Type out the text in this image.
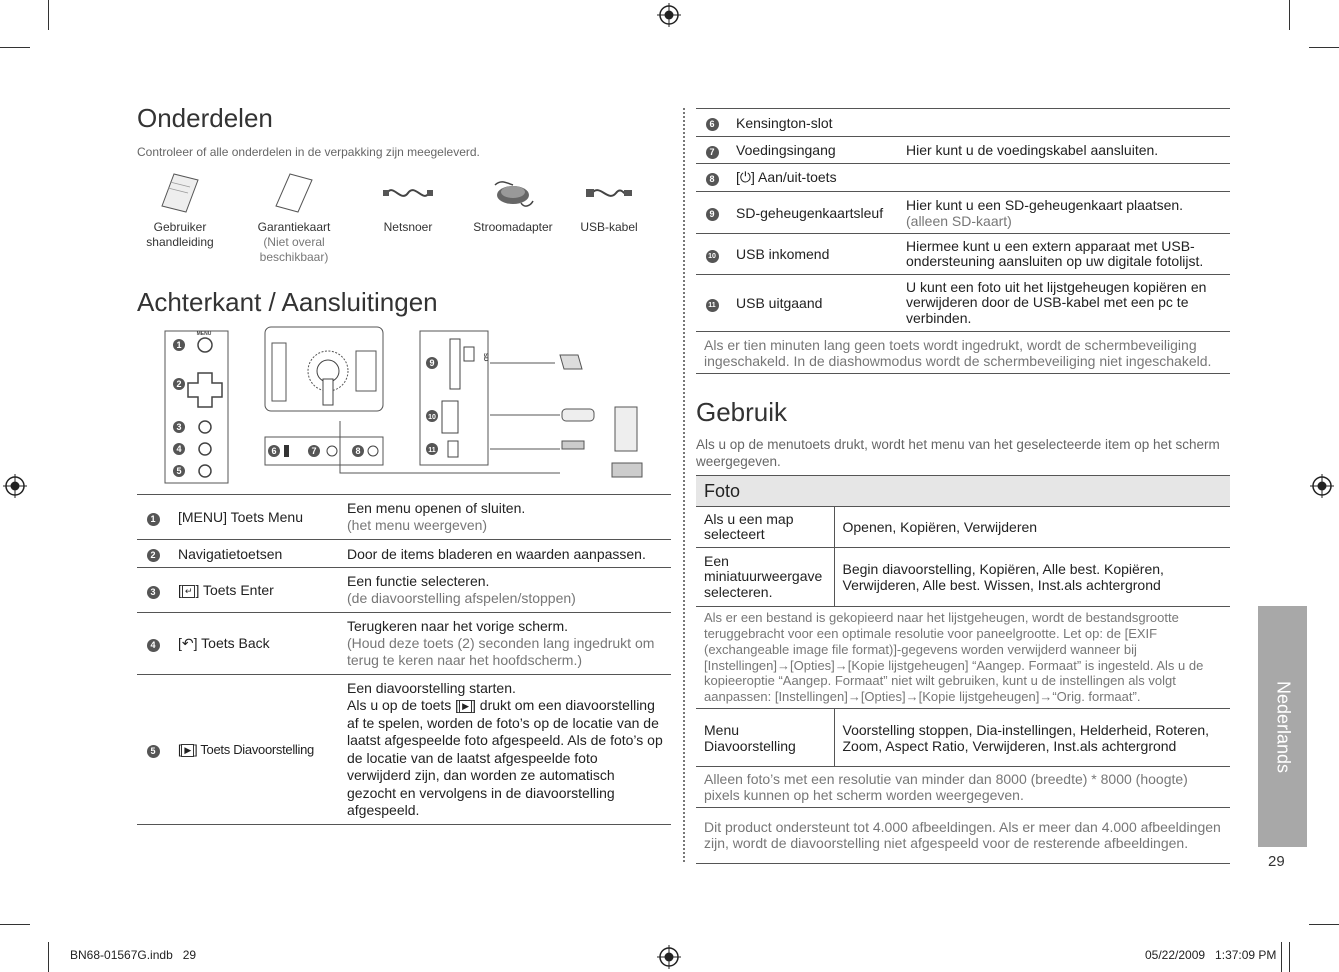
Onderdelen
Controleer of alle onderdelen in de verpakking zijn meegeleverd.
Gebruiker shandleiding
Garantiekaart
(Niet overal beschikbaar)
Netsnoer	Stroomadapter	USB-kabel
Achterkant / Aansluitingen
MENU
1
2
3
4
5
6	7	8
SD
9
10
11
1	[MENU] Toets Menu	Een menu openen of sluiten.
(het menu weergeven)

2	Navigatietoetsen	Door de items bladeren en waarden aanpassen.
3	[ ↵ ] Toets Enter	Een functie selecteren.
(de diavoorstelling afspelen/stoppen)

4	[↶] Toets Back	Terugkeren naar het vorige scherm.
(Houd deze toets (2) seconden lang ingedrukt om terug te keren naar het hoofdscherm.)

5	[ ▶ ] Toets Diavoorstelling	Een diavoorstelling starten.
Als u op de toets [ ▶ ] drukt om een diavoorstelling af te spelen, worden de foto’s op de locatie van de laatst afgespeelde foto afgespeeld. Als de foto’s op de locatie van de laatst afgespeelde foto verwijderd zijn, dan worden ze automatisch gezocht en vervolgens in de diavoorstelling afgespeeld.
6	Kensington-slot	
7	Voedingsingang	Hier kunt u de voedingskabel aansluiten.
8	[⏻] Aan/uit-toets	
9	SD-geheugenkaartsleuf	Hier kunt u een SD-geheugenkaart plaatsen.
(alleen SD-kaart)

10	USB inkomend	Hiermee kunt u een extern apparaat met USB-ondersteuning aansluiten op uw digitale fotolijst.
11	USB uitgaand	U kunt een foto uit het lijstgeheugen kopiëren en verwijderen door de USB-kabel met een pc te verbinden.
Als er tien minuten lang geen toets wordt ingedrukt, wordt de schermbeveiliging ingeschakeld. In de diashowmodus wordt de schermbeveiliging niet ingeschakeld.		
Gebruik
Als u op de menutoets drukt, wordt het menu van het geselecteerde item op het scherm weergegeven.
Foto	
Als u een map selecteert	Openen, Kopiëren, Verwijderen
Een miniatuurweergave selecteren.	Begin diavoorstelling, Kopiëren, Alle best. Kopiëren, Verwijderen, Alle best. Wissen, Inst.als achtergrond
Als er een bestand is gekopieerd naar het lijstgeheugen, wordt de bestandsgrootte teruggebracht voor een optimale resolutie voor paneelgrootte. Let op: de [EXIF (exchangeable image file format)]-gegevens worden verwijderd wanneer bij [Instellingen]→[Opties]→[Kopie lijstgeheugen] “Aangep. Formaat” is ingesteld. Als u de kopieeroptie “Aangep. Formaat” niet wilt gebruiken, kunt u de instellingen als volgt aanpassen: [Instellingen]→[Opties]→[Kopie lijstgeheugen]→“Orig. formaat”.	
Menu Diavoorstelling	Voorstelling stoppen, Dia-instellingen, Helderheid, Roteren, Zoom, Aspect Ratio, Verwijderen, Inst.als achtergrond
Alleen foto’s met een resolutie van minder dan 8000 (breedte) * 8000 (hoogte) pixels kunnen op het scherm worden weergegeven.	
Dit product ondersteunt tot 4.000 afbeeldingen. Als er meer dan 4.000 afbeeldingen zijn, wordt de diavoorstelling niet afgespeeld voor de resterende afbeeldingen.	
Nederlands
29
BN68-01567G.indb   29	05/22/2009   1:37:09 PM
